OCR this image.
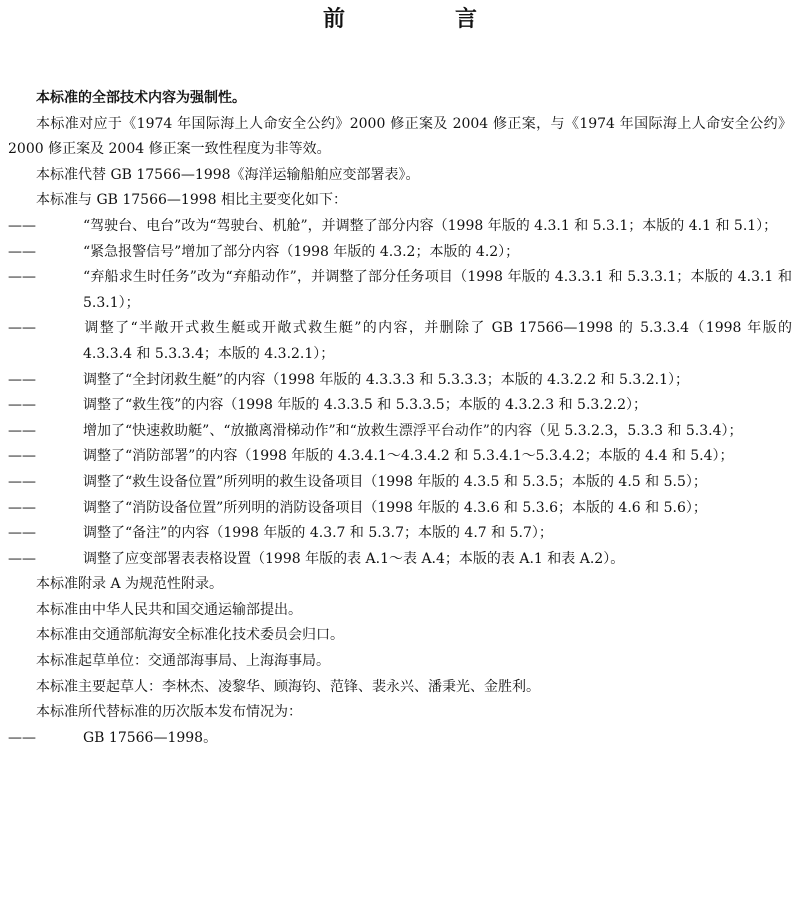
前　言

本标准的全部技术内容为强制性。

本标准对应于《1974 年国际海上人命安全公约》2000 修正案及 2004 修正案，与《1974 年国际海上人命安全公约》2000 修正案及 2004 修正案一致性程度为非等效。

本标准代替 GB 17566—1998《海洋运输船舶应变部署表》。

本标准与 GB 17566—1998 相比主要变化如下：

——	“驾驶台、电台”改为“驾驶台、机舱”，并调整了部分内容（1998 年版的 4.3.1 和 5.3.1；本版的 4.1 和 5.1）；

——	“紧急报警信号”增加了部分内容（1998 年版的 4.3.2；本版的 4.2）；

——	“弃船求生时任务”改为“弃船动作”，并调整了部分任务项目（1998 年版的 4.3.3.1 和 5.3.3.1；本版的 4.3.1 和 5.3.1）；

——	调整了“半敞开式救生艇或开敞式救生艇”的内容，并删除了 GB 17566—1998 的 5.3.3.4（1998 年版的 4.3.3.4 和 5.3.3.4；本版的 4.3.2.1）；

——	调整了“全封闭救生艇”的内容（1998 年版的 4.3.3.3 和 5.3.3.3；本版的 4.3.2.2 和 5.3.2.1）；

——	调整了“救生筏”的内容（1998 年版的 4.3.3.5 和 5.3.3.5；本版的 4.3.2.3 和 5.3.2.2）；

——	增加了“快速救助艇”、“放撤离滑梯动作”和“放救生漂浮平台动作”的内容（见 5.3.2.3，5.3.3 和 5.3.4）；

——	调整了“消防部署”的内容（1998 年版的 4.3.4.1～4.3.4.2 和 5.3.4.1～5.3.4.2；本版的 4.4 和 5.4）；

——	调整了“救生设备位置”所列明的救生设备项目（1998 年版的 4.3.5 和 5.3.5；本版的 4.5 和 5.5）；

——	调整了“消防设备位置”所列明的消防设备项目（1998 年版的 4.3.6 和 5.3.6；本版的 4.6 和 5.6）；

——	调整了“备注”的内容（1998 年版的 4.3.7 和 5.3.7；本版的 4.7 和 5.7）；

——	调整了应变部署表表格设置（1998 年版的表 A.1～表 A.4；本版的表 A.1 和表 A.2）。

本标准附录 A 为规范性附录。

本标准由中华人民共和国交通运输部提出。

本标准由交通部航海安全标准化技术委员会归口。

本标准起草单位：交通部海事局、上海海事局。

本标准主要起草人：李林杰、凌黎华、顾海钧、范锋、裴永兴、潘秉光、金胜利。

本标准所代替标准的历次版本发布情况为：

——	GB 17566—1998。
